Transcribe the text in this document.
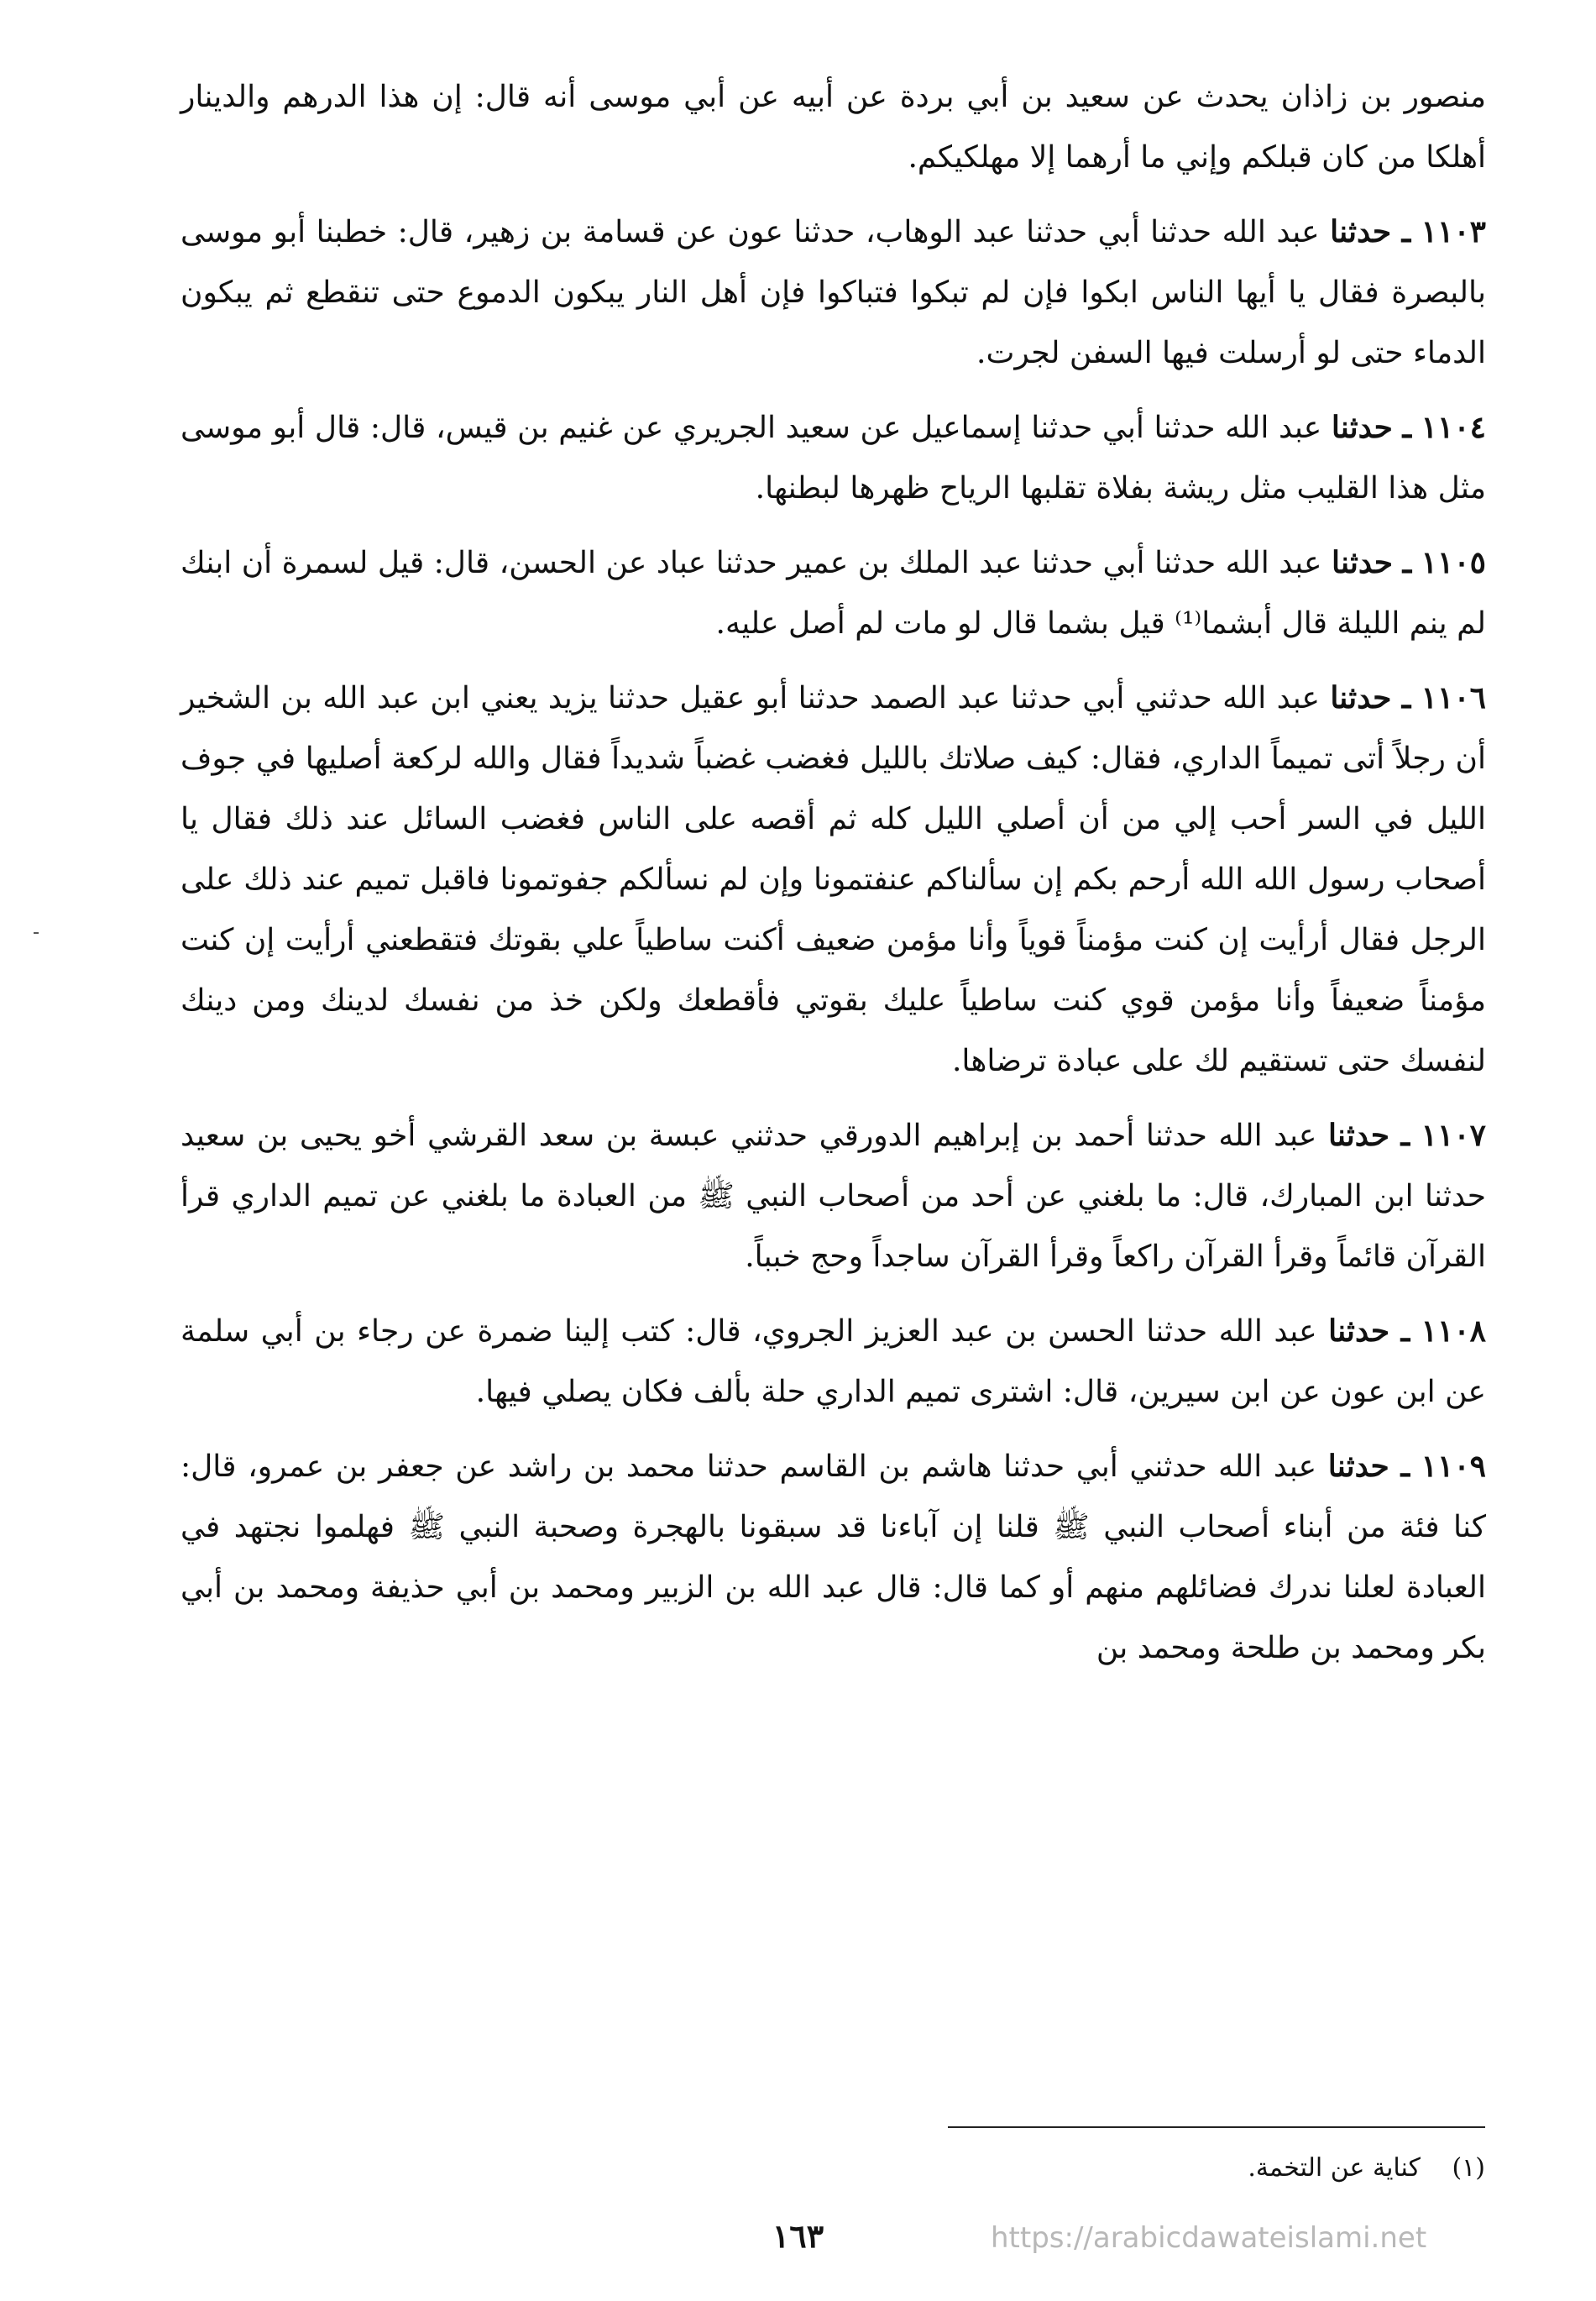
منصور بن زاذان يحدث عن سعيد بن أبي بردة عن أبيه عن أبي موسى أنه قال: إن هذا الدرهم والدينار أهلكا من كان قبلكم وإني ما أرهما إلا مهلكيكم.

١١٠٣ ـ حدثنا عبد الله حدثنا أبي حدثنا عبد الوهاب، حدثنا عون عن قسامة بن زهير، قال: خطبنا أبو موسى بالبصرة فقال يا أيها الناس ابكوا فإن لم تبكوا فتباكوا فإن أهل النار يبكون الدموع حتى تنقطع ثم يبكون الدماء حتى لو أرسلت فيها السفن لجرت.

١١٠٤ ـ حدثنا عبد الله حدثنا أبي حدثنا إسماعيل عن سعيد الجريري عن غنيم بن قيس، قال: قال أبو موسى مثل هذا القليب مثل ريشة بفلاة تقلبها الرياح ظهرها لبطنها.

١١٠٥ ـ حدثنا عبد الله حدثنا أبي حدثنا عبد الملك بن عمير حدثنا عباد عن الحسن، قال: قيل لسمرة أن ابنك لم ينم الليلة قال أبشما⁽¹⁾ قيل بشما قال لو مات لم أصل عليه.

١١٠٦ ـ حدثنا عبد الله حدثني أبي حدثنا عبد الصمد حدثنا أبو عقيل حدثنا يزيد يعني ابن عبد الله بن الشخير أن رجلاً أتى تميماً الداري، فقال: كيف صلاتك بالليل فغضب غضباً شديداً فقال والله لركعة أصليها في جوف الليل في السر أحب إلي من أن أصلي الليل كله ثم أقصه على الناس فغضب السائل عند ذلك فقال يا أصحاب رسول الله الله أرحم بكم إن سألناكم عنفتمونا وإن لم نسألكم جفوتمونا فاقبل تميم عند ذلك على الرجل فقال أرأيت إن كنت مؤمناً قوياً وأنا مؤمن ضعيف أكنت ساطياً علي بقوتك فتقطعني أرأيت إن كنت مؤمناً ضعيفاً وأنا مؤمن قوي كنت ساطياً عليك بقوتي فأقطعك ولكن خذ من نفسك لدينك ومن دينك لنفسك حتى تستقيم لك على عبادة ترضاها.

١١٠٧ ـ حدثنا عبد الله حدثنا أحمد بن إبراهيم الدورقي حدثني عبسة بن سعد القرشي أخو يحيى بن سعيد حدثنا ابن المبارك، قال: ما بلغني عن أحد من أصحاب النبي ﷺ من العبادة ما بلغني عن تميم الداري قرأ القرآن قائماً وقرأ القرآن راكعاً وقرأ القرآن ساجداً وحج خبباً.

١١٠٨ ـ حدثنا عبد الله حدثنا الحسن بن عبد العزيز الجروي، قال: كتب إلينا ضمرة عن رجاء بن أبي سلمة عن ابن عون عن ابن سيرين، قال: اشترى تميم الداري حلة بألف فكان يصلي فيها.

١١٠٩ ـ حدثنا عبد الله حدثني أبي حدثنا هاشم بن القاسم حدثنا محمد بن راشد عن جعفر بن عمرو، قال: كنا فئة من أبناء أصحاب النبي ﷺ قلنا إن آباءنا قد سبقونا بالهجرة وصحبة النبي ﷺ فهلموا نجتهد في العبادة لعلنا ندرك فضائلهم منهم أو كما قال: قال عبد الله بن الزبير ومحمد بن أبي حذيفة ومحمد بن أبي بكر ومحمد بن طلحة ومحمد بن

(١) كناية عن التخمة.
١٦٣	https://arabicdawateislami.net
